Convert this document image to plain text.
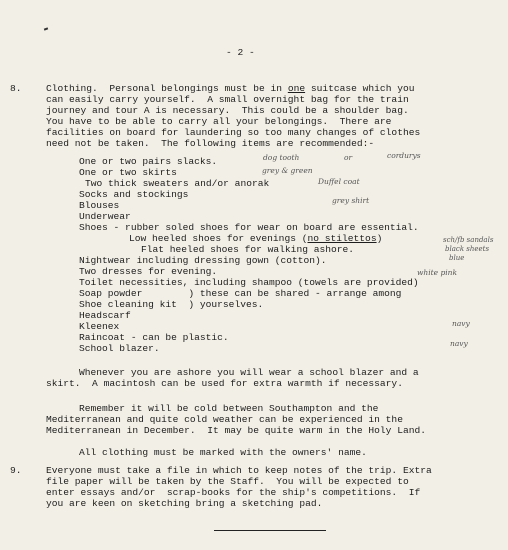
- 2 -
8.	Clothing.  Personal belongings must be in one suitcase which you
can easily carry yourself.  A small overnight bag for the train
journey and tour A is necessary.  This could be a shoulder bag.
You have to be able to carry all your belongings.  There are
facilities on board for laundering so too many changes of clothes
need not be taken.  The following items are recommended:-
One or two pairs slacks.
One or two skirts
Two thick sweaters and/or anorak
Socks and stockings
Blouses
Underwear
Shoes - rubber soled shoes for wear on board are essential.
Low heeled shoes for evenings (no stilettos)
Flat heeled shoes for walking ashore.
Nightwear including dressing gown (cotton).
Two dresses for evening.
Toilet necessities, including shampoo (towels are provided)
Soap powder        ) these can be shared - arrange among
Shoe cleaning kit  ) yourselves.
Headscarf
Kleenex
Raincoat - can be plastic.
School blazer.
dog tooth	or	cordurys
grey & green
Duffel coat
grey shirt
sch/fb sandals
black sheets
blue
white pink
navy
navy
Whenever you are ashore you will wear a school blazer and a
skirt.  A macintosh can be used for extra warmth if necessary.
Remember it will be cold between Southampton and the
Mediterranean and quite cold weather can be experienced in the
Mediterranean in December.  It may be quite warm in the Holy Land.
All clothing must be marked with the owners' name.
9.	Everyone must take a file in which to keep notes of the trip. Extra
file paper will be taken by the Staff.  You will be expected to
enter essays and/or  scrap-books for the ship's competitions.  If
you are keen on sketching bring a sketching pad.
